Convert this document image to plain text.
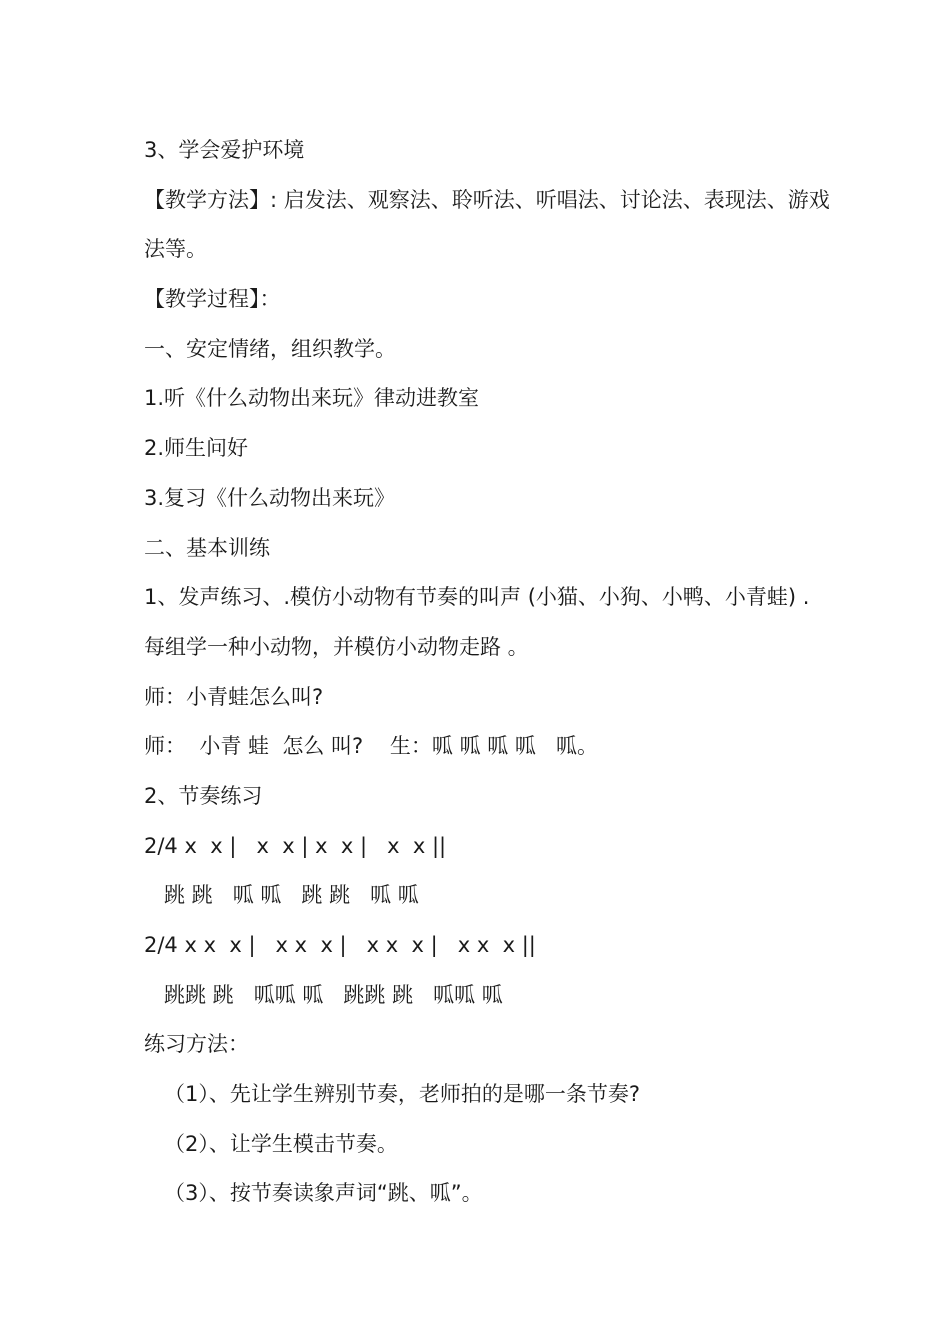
3、学会爱护环境
【教学方法】: 启发法、观察法、聆听法、听唱法、讨论法、表现法、游戏
法等。
【教学过程】：
一、安定情绪，组织教学。
1.听《什么动物出来玩》律动进教室
2.师生问好
3.复习《什么动物出来玩》
二、基本训练
1、发声练习、.模仿小动物有节奏的叫声 (小猫、小狗、小鸭、小青蛙) .
每组学一种小动物，并模仿小动物走路 。
师：小青蛙怎么叫?
师：  小青 蛙  怎么 叫?    生：呱 呱 呱 呱   呱。
2、节奏练习
2/4 x  x |   x  x | x  x |   x  x ||
跳 跳   呱 呱   跳 跳   呱 呱
2/4 x x  x |   x x  x |   x x  x |   x x  x ||
跳跳 跳   呱呱 呱   跳跳 跳   呱呱 呱
练习方法：
（1）、先让学生辨别节奏，老师拍的是哪一条节奏?
（2）、让学生模击节奏。
（3）、按节奏读象声词“跳、呱”。
